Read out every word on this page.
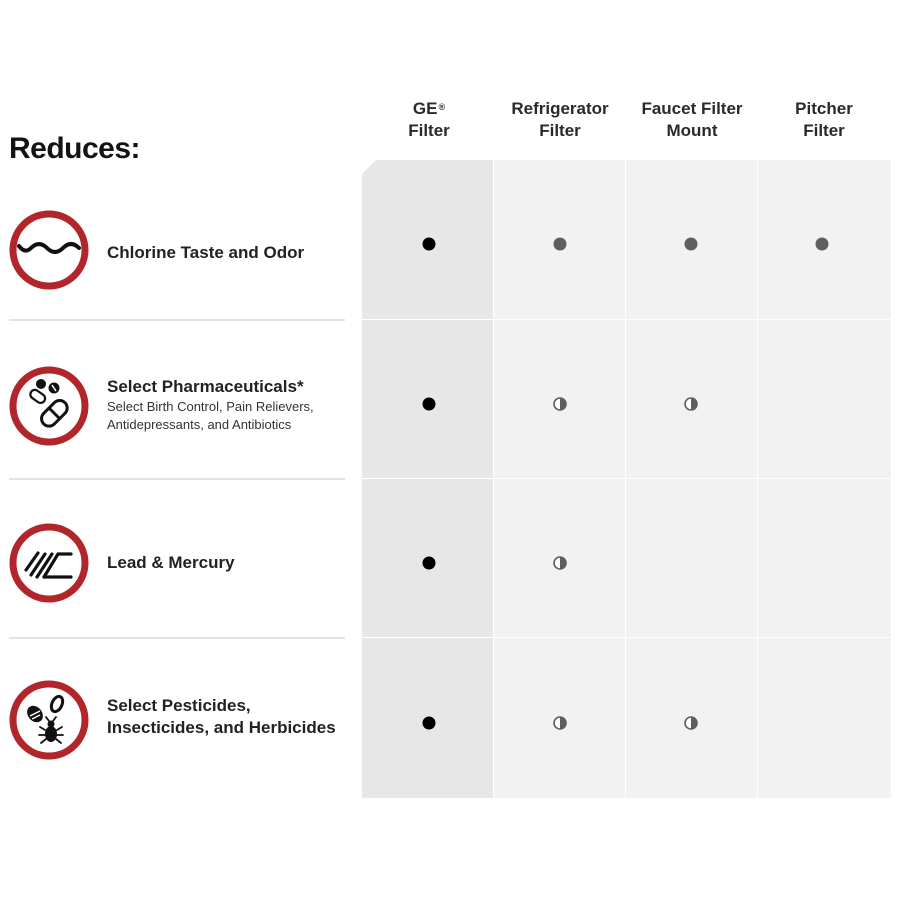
GE®
Filter
Refrigerator
Filter
Faucet Filter
Mount
Pitcher
Filter
Reduces:
Chlorine Taste and Odor
Select Pharmaceuticals*
Select Birth Control, Pain Relievers,
Antidepressants, and Antibiotics
Lead & Mercury
Select Pesticides,
Insecticides, and Herbicides
